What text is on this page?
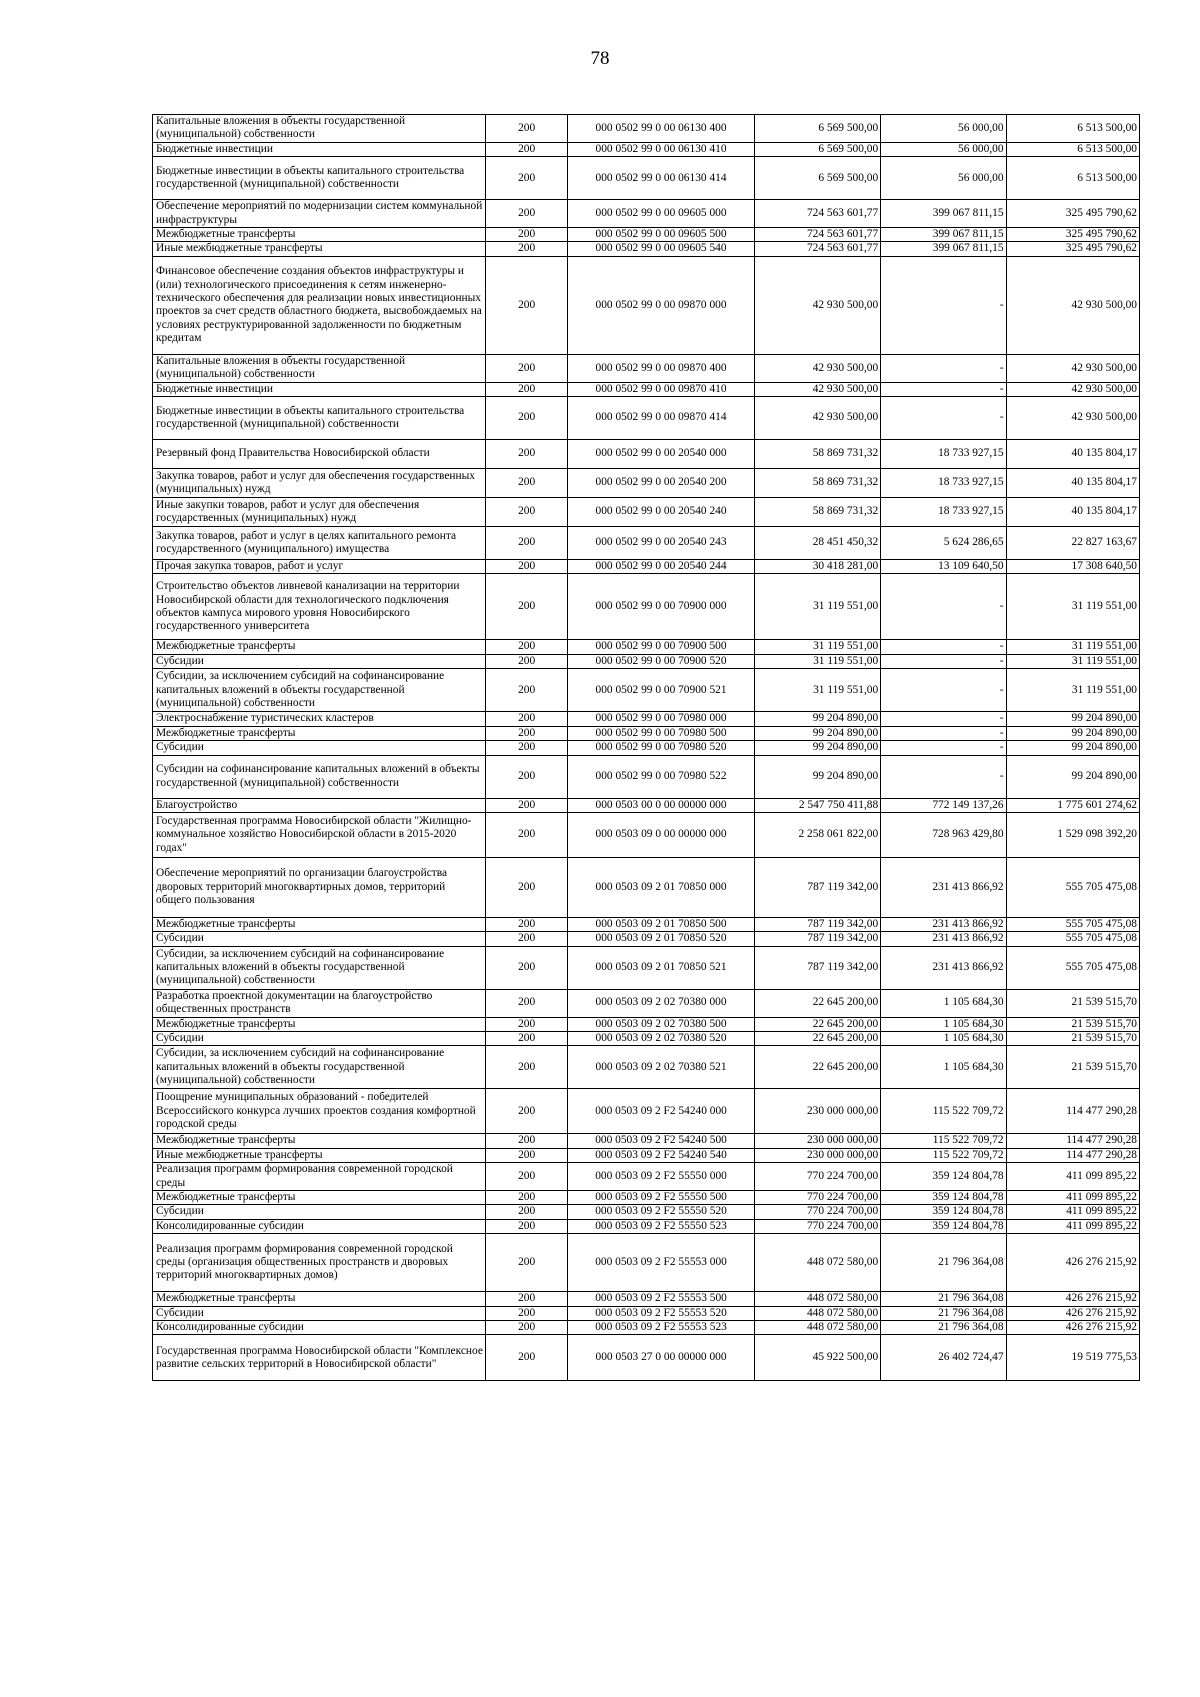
78
Капитальные вложения в объекты государственной (муниципальной) собственности	200	000 0502 99 0 00 06130 400	6 569 500,00	56 000,00	6 513 500,00
Бюджетные инвестиции	200	000 0502 99 0 00 06130 410	6 569 500,00	56 000,00	6 513 500,00
Бюджетные инвестиции в объекты капитального строительства государственной (муниципальной) собственности	200	000 0502 99 0 00 06130 414	6 569 500,00	56 000,00	6 513 500,00
Обеспечение мероприятий по модернизации систем коммунальной инфраструктуры	200	000 0502 99 0 00 09605 000	724 563 601,77	399 067 811,15	325 495 790,62
Межбюджетные трансферты	200	000 0502 99 0 00 09605 500	724 563 601,77	399 067 811,15	325 495 790,62
Иные межбюджетные трансферты	200	000 0502 99 0 00 09605 540	724 563 601,77	399 067 811,15	325 495 790,62
Финансовое обеспечение создания объектов инфраструктуры и (или) технологического присоединения к сетям инженерно-технического обеспечения для реализации новых инвестиционных проектов за счет средств областного бюджета, высвобождаемых на условиях реструктурированной задолженности по бюджетным кредитам	200	000 0502 99 0 00 09870 000	42 930 500,00	-	42 930 500,00
Капитальные вложения в объекты государственной (муниципальной) собственности	200	000 0502 99 0 00 09870 400	42 930 500,00	-	42 930 500,00
Бюджетные инвестиции	200	000 0502 99 0 00 09870 410	42 930 500,00	-	42 930 500,00
Бюджетные инвестиции в объекты капитального строительства государственной (муниципальной) собственности	200	000 0502 99 0 00 09870 414	42 930 500,00	-	42 930 500,00
Резервный фонд Правительства Новосибирской области	200	000 0502 99 0 00 20540 000	58 869 731,32	18 733 927,15	40 135 804,17
Закупка товаров, работ и услуг для обеспечения государственных (муниципальных) нужд	200	000 0502 99 0 00 20540 200	58 869 731,32	18 733 927,15	40 135 804,17
Иные закупки товаров, работ и услуг для обеспечения государственных (муниципальных) нужд	200	000 0502 99 0 00 20540 240	58 869 731,32	18 733 927,15	40 135 804,17
Закупка товаров, работ и услуг в целях капитального ремонта государственного (муниципального) имущества	200	000 0502 99 0 00 20540 243	28 451 450,32	5 624 286,65	22 827 163,67
Прочая закупка товаров, работ и услуг	200	000 0502 99 0 00 20540 244	30 418 281,00	13 109 640,50	17 308 640,50
Строительство объектов ливневой канализации на территории Новосибирской области для технологического подключения объектов кампуса мирового уровня Новосибирского государственного университета	200	000 0502 99 0 00 70900 000	31 119 551,00	-	31 119 551,00
Межбюджетные трансферты	200	000 0502 99 0 00 70900 500	31 119 551,00	-	31 119 551,00
Субсидии	200	000 0502 99 0 00 70900 520	31 119 551,00	-	31 119 551,00
Субсидии, за исключением субсидий на софинансирование капитальных вложений в объекты государственной (муниципальной) собственности	200	000 0502 99 0 00 70900 521	31 119 551,00	-	31 119 551,00
Электроснабжение туристических кластеров	200	000 0502 99 0 00 70980 000	99 204 890,00	-	99 204 890,00
Межбюджетные трансферты	200	000 0502 99 0 00 70980 500	99 204 890,00	-	99 204 890,00
Субсидии	200	000 0502 99 0 00 70980 520	99 204 890,00	-	99 204 890,00
Субсидии на софинансирование капитальных вложений в объекты государственной (муниципальной) собственности	200	000 0502 99 0 00 70980 522	99 204 890,00	-	99 204 890,00
Благоустройство	200	000 0503 00 0 00 00000 000	2 547 750 411,88	772 149 137,26	1 775 601 274,62
Государственная программа Новосибирской области "Жилищно-коммунальное хозяйство Новосибирской области в 2015-2020 годах"	200	000 0503 09 0 00 00000 000	2 258 061 822,00	728 963 429,80	1 529 098 392,20
Обеспечение мероприятий по организации благоустройства дворовых территорий многоквартирных домов, территорий общего пользования	200	000 0503 09 2 01 70850 000	787 119 342,00	231 413 866,92	555 705 475,08
Межбюджетные трансферты	200	000 0503 09 2 01 70850 500	787 119 342,00	231 413 866,92	555 705 475,08
Субсидии	200	000 0503 09 2 01 70850 520	787 119 342,00	231 413 866,92	555 705 475,08
Субсидии, за исключением субсидий на софинансирование капитальных вложений в объекты государственной (муниципальной) собственности	200	000 0503 09 2 01 70850 521	787 119 342,00	231 413 866,92	555 705 475,08
Разработка проектной документации на благоустройство общественных пространств	200	000 0503 09 2 02 70380 000	22 645 200,00	1 105 684,30	21 539 515,70
Межбюджетные трансферты	200	000 0503 09 2 02 70380 500	22 645 200,00	1 105 684,30	21 539 515,70
Субсидии	200	000 0503 09 2 02 70380 520	22 645 200,00	1 105 684,30	21 539 515,70
Субсидии, за исключением субсидий на софинансирование капитальных вложений в объекты государственной (муниципальной) собственности	200	000 0503 09 2 02 70380 521	22 645 200,00	1 105 684,30	21 539 515,70
Поощрение муниципальных образований - победителей Всероссийского конкурса лучших проектов создания комфортной городской среды	200	000 0503 09 2 F2 54240 000	230 000 000,00	115 522 709,72	114 477 290,28
Межбюджетные трансферты	200	000 0503 09 2 F2 54240 500	230 000 000,00	115 522 709,72	114 477 290,28
Иные межбюджетные трансферты	200	000 0503 09 2 F2 54240 540	230 000 000,00	115 522 709,72	114 477 290,28
Реализация программ формирования современной городской среды	200	000 0503 09 2 F2 55550 000	770 224 700,00	359 124 804,78	411 099 895,22
Межбюджетные трансферты	200	000 0503 09 2 F2 55550 500	770 224 700,00	359 124 804,78	411 099 895,22
Субсидии	200	000 0503 09 2 F2 55550 520	770 224 700,00	359 124 804,78	411 099 895,22
Консолидированные субсидии	200	000 0503 09 2 F2 55550 523	770 224 700,00	359 124 804,78	411 099 895,22
Реализация программ формирования современной городской среды (организация общественных пространств и дворовых территорий многоквартирных домов)	200	000 0503 09 2 F2 55553 000	448 072 580,00	21 796 364,08	426 276 215,92
Межбюджетные трансферты	200	000 0503 09 2 F2 55553 500	448 072 580,00	21 796 364,08	426 276 215,92
Субсидии	200	000 0503 09 2 F2 55553 520	448 072 580,00	21 796 364,08	426 276 215,92
Консолидированные субсидии	200	000 0503 09 2 F2 55553 523	448 072 580,00	21 796 364,08	426 276 215,92
Государственная программа Новосибирской области "Комплексное развитие сельских территорий в Новосибирской области"	200	000 0503 27 0 00 00000 000	45 922 500,00	26 402 724,47	19 519 775,53
